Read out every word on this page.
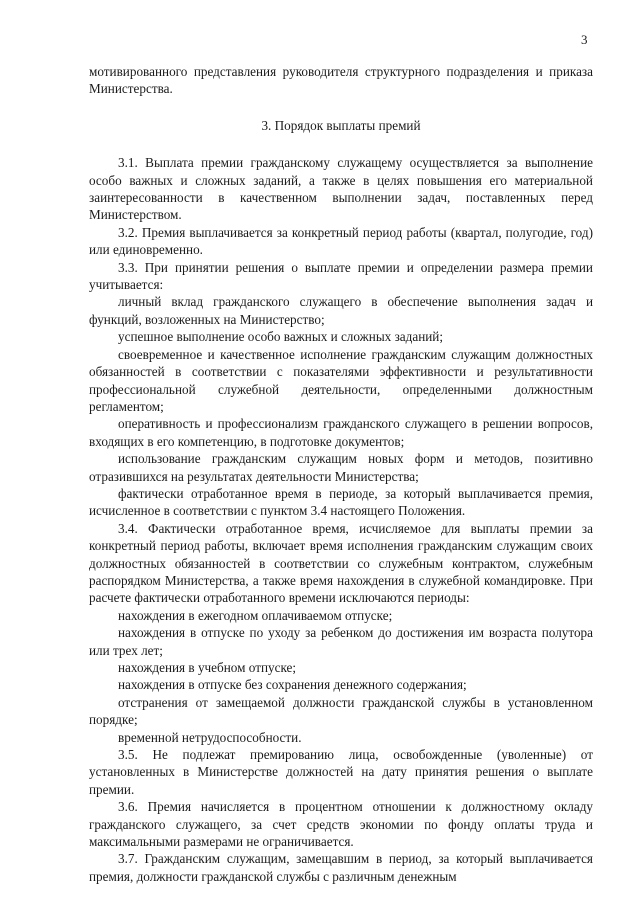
3

мотивированного представления руководителя структурного подразделения и приказа Министерства.

3. Порядок выплаты премий

3.1. Выплата премии гражданскому служащему осуществляется за выполнение особо важных и сложных заданий, а также в целях повышения его материальной заинтересованности в качественном выполнении задач, поставленных перед Министерством.

3.2. Премия выплачивается за конкретный период работы (квартал, полугодие, год) или единовременно.

3.3. При принятии решения о выплате премии и определении размера премии учитывается:

личный вклад гражданского служащего в обеспечение выполнения задач и функций, возложенных на Министерство;

успешное выполнение особо важных и сложных заданий;

своевременное и качественное исполнение гражданским служащим должностных обязанностей в соответствии с показателями эффективности и результативности профессиональной служебной деятельности, определенными должностным регламентом;

оперативность и профессионализм гражданского служащего в решении вопросов, входящих в его компетенцию, в подготовке документов;

использование гражданским служащим новых форм и методов, позитивно отразившихся на результатах деятельности Министерства;

фактически отработанное время в периоде, за который выплачивается премия, исчисленное в соответствии с пунктом 3.4 настоящего Положения.

3.4. Фактически отработанное время, исчисляемое для выплаты премии за конкретный период работы, включает время исполнения гражданским служащим своих должностных обязанностей в соответствии со служебным контрактом, служебным распорядком Министерства, а также время нахождения в служебной командировке. При расчете фактически отработанного времени исключаются периоды:

нахождения в ежегодном оплачиваемом отпуске;

нахождения в отпуске по уходу за ребенком до достижения им возраста полутора или трех лет;

нахождения в учебном отпуске;

нахождения в отпуске без сохранения денежного содержания;

отстранения от замещаемой должности гражданской службы в установленном порядке;

временной нетрудоспособности.

3.5. Не подлежат премированию лица, освобожденные (уволенные) от установленных в Министерстве должностей на дату принятия решения о выплате премии.

3.6. Премия начисляется в процентном отношении к должностному окладу гражданского служащего, за счет средств экономии по фонду оплаты труда и максимальными размерами не ограничивается.

3.7. Гражданским служащим, замещавшим в период, за который выплачивается премия, должности гражданской службы с различным денежным
